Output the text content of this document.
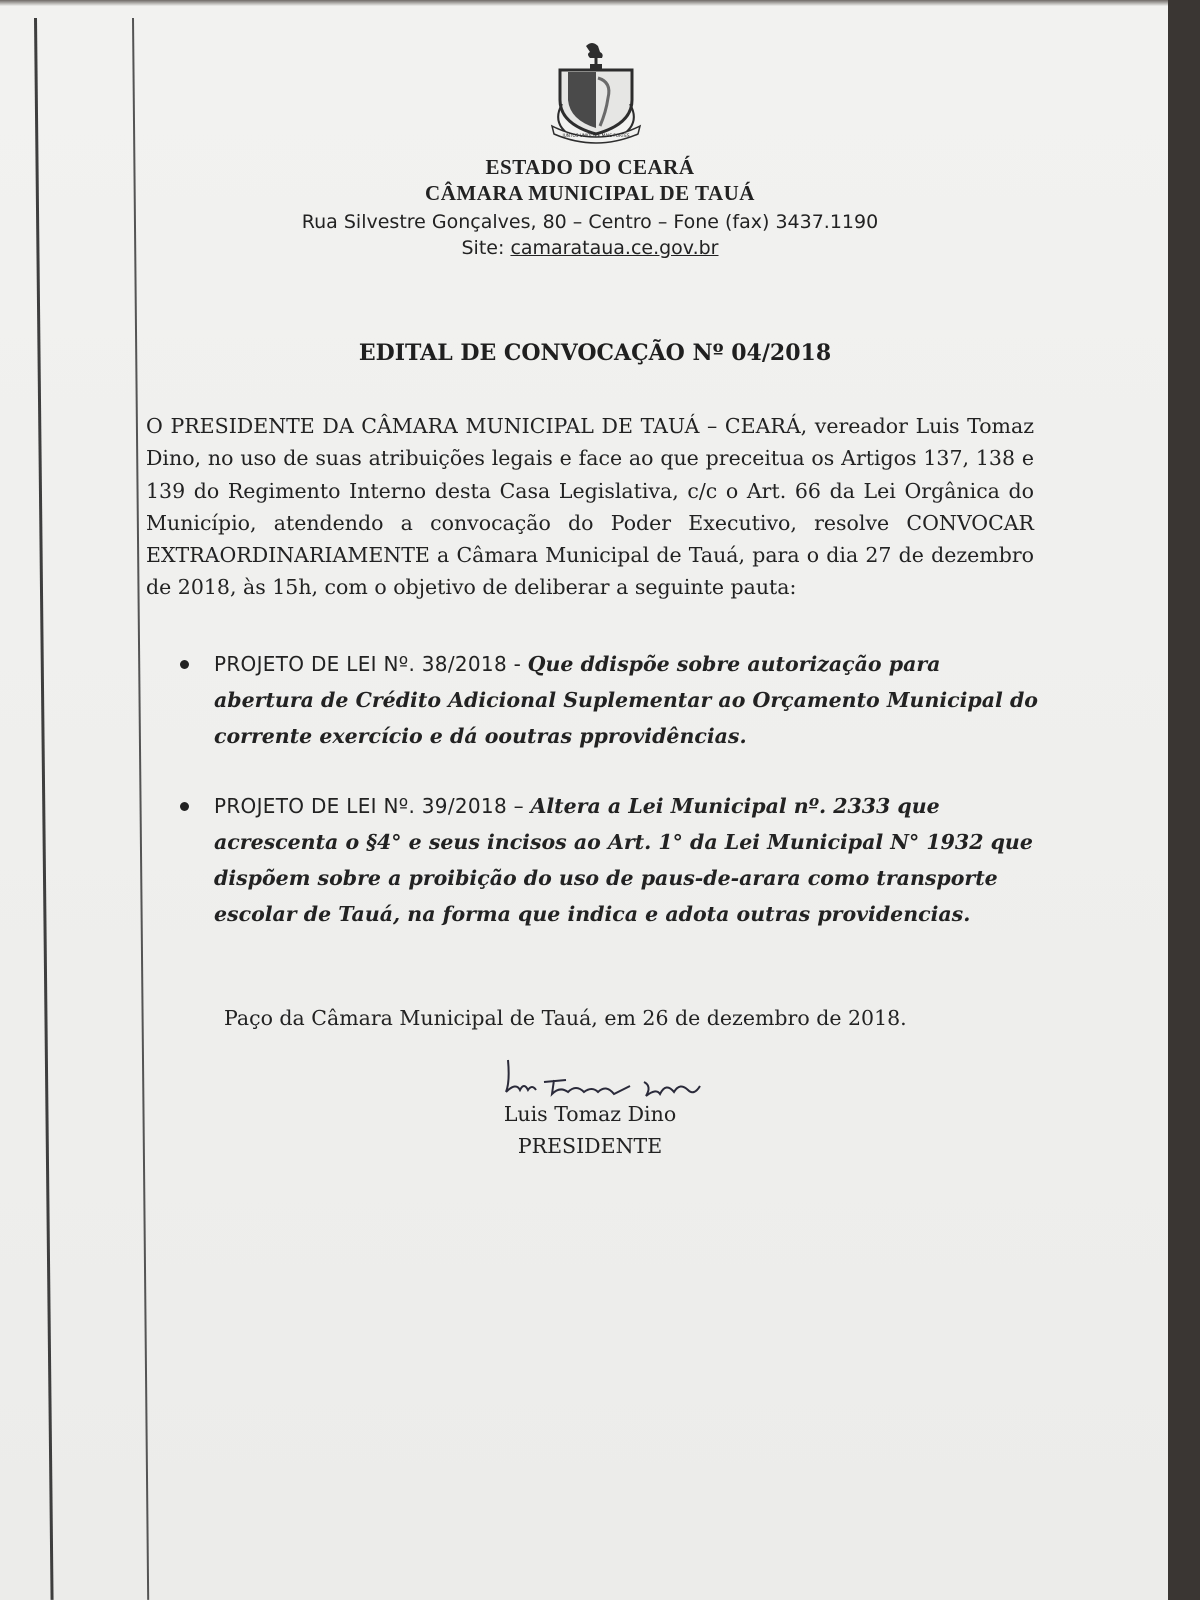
JUNTOS UNIDOS E MAIS FORTES
ESTADO DO CEARÁ
CÂMARA MUNICIPAL DE TAUÁ
Rua Silvestre Gonçalves, 80 – Centro – Fone (fax) 3437.1190
Site: camarataua.ce.gov.br
EDITAL DE CONVOCAÇÃO Nº 04/2018
O PRESIDENTE DA CÂMARA MUNICIPAL DE TAUÁ – CEARÁ, vereador Luis Tomaz Dino, no uso de suas atribuições legais e face ao que preceitua os Artigos 137, 138 e 139 do Regimento Interno desta Casa Legislativa, c/c o Art. 66 da Lei Orgânica do Município, atendendo a convocação do Poder Executivo, resolve CONVOCAR EXTRAORDINARIAMENTE a Câmara Municipal de Tauá, para o dia 27 de dezembro de 2018, às 15h, com o objetivo de deliberar a seguinte pauta:
PROJETO DE LEI Nº. 38/2018 - Que ddispõe sobre autorização para abertura de Crédito Adicional Suplementar ao Orçamento Municipal do corrente exercício e dá ooutras pprovidências.
PROJETO DE LEI Nº. 39/2018 – Altera a Lei Municipal nº. 2333 que acrescenta o §4° e seus incisos ao Art. 1° da Lei Municipal N° 1932 que dispõem sobre a proibição do uso de paus-de-arara como transporte escolar de Tauá, na forma que indica e adota outras providencias.
Paço da Câmara Municipal de Tauá, em 26 de dezembro de 2018.
Luis Tomaz Dino
PRESIDENTE
